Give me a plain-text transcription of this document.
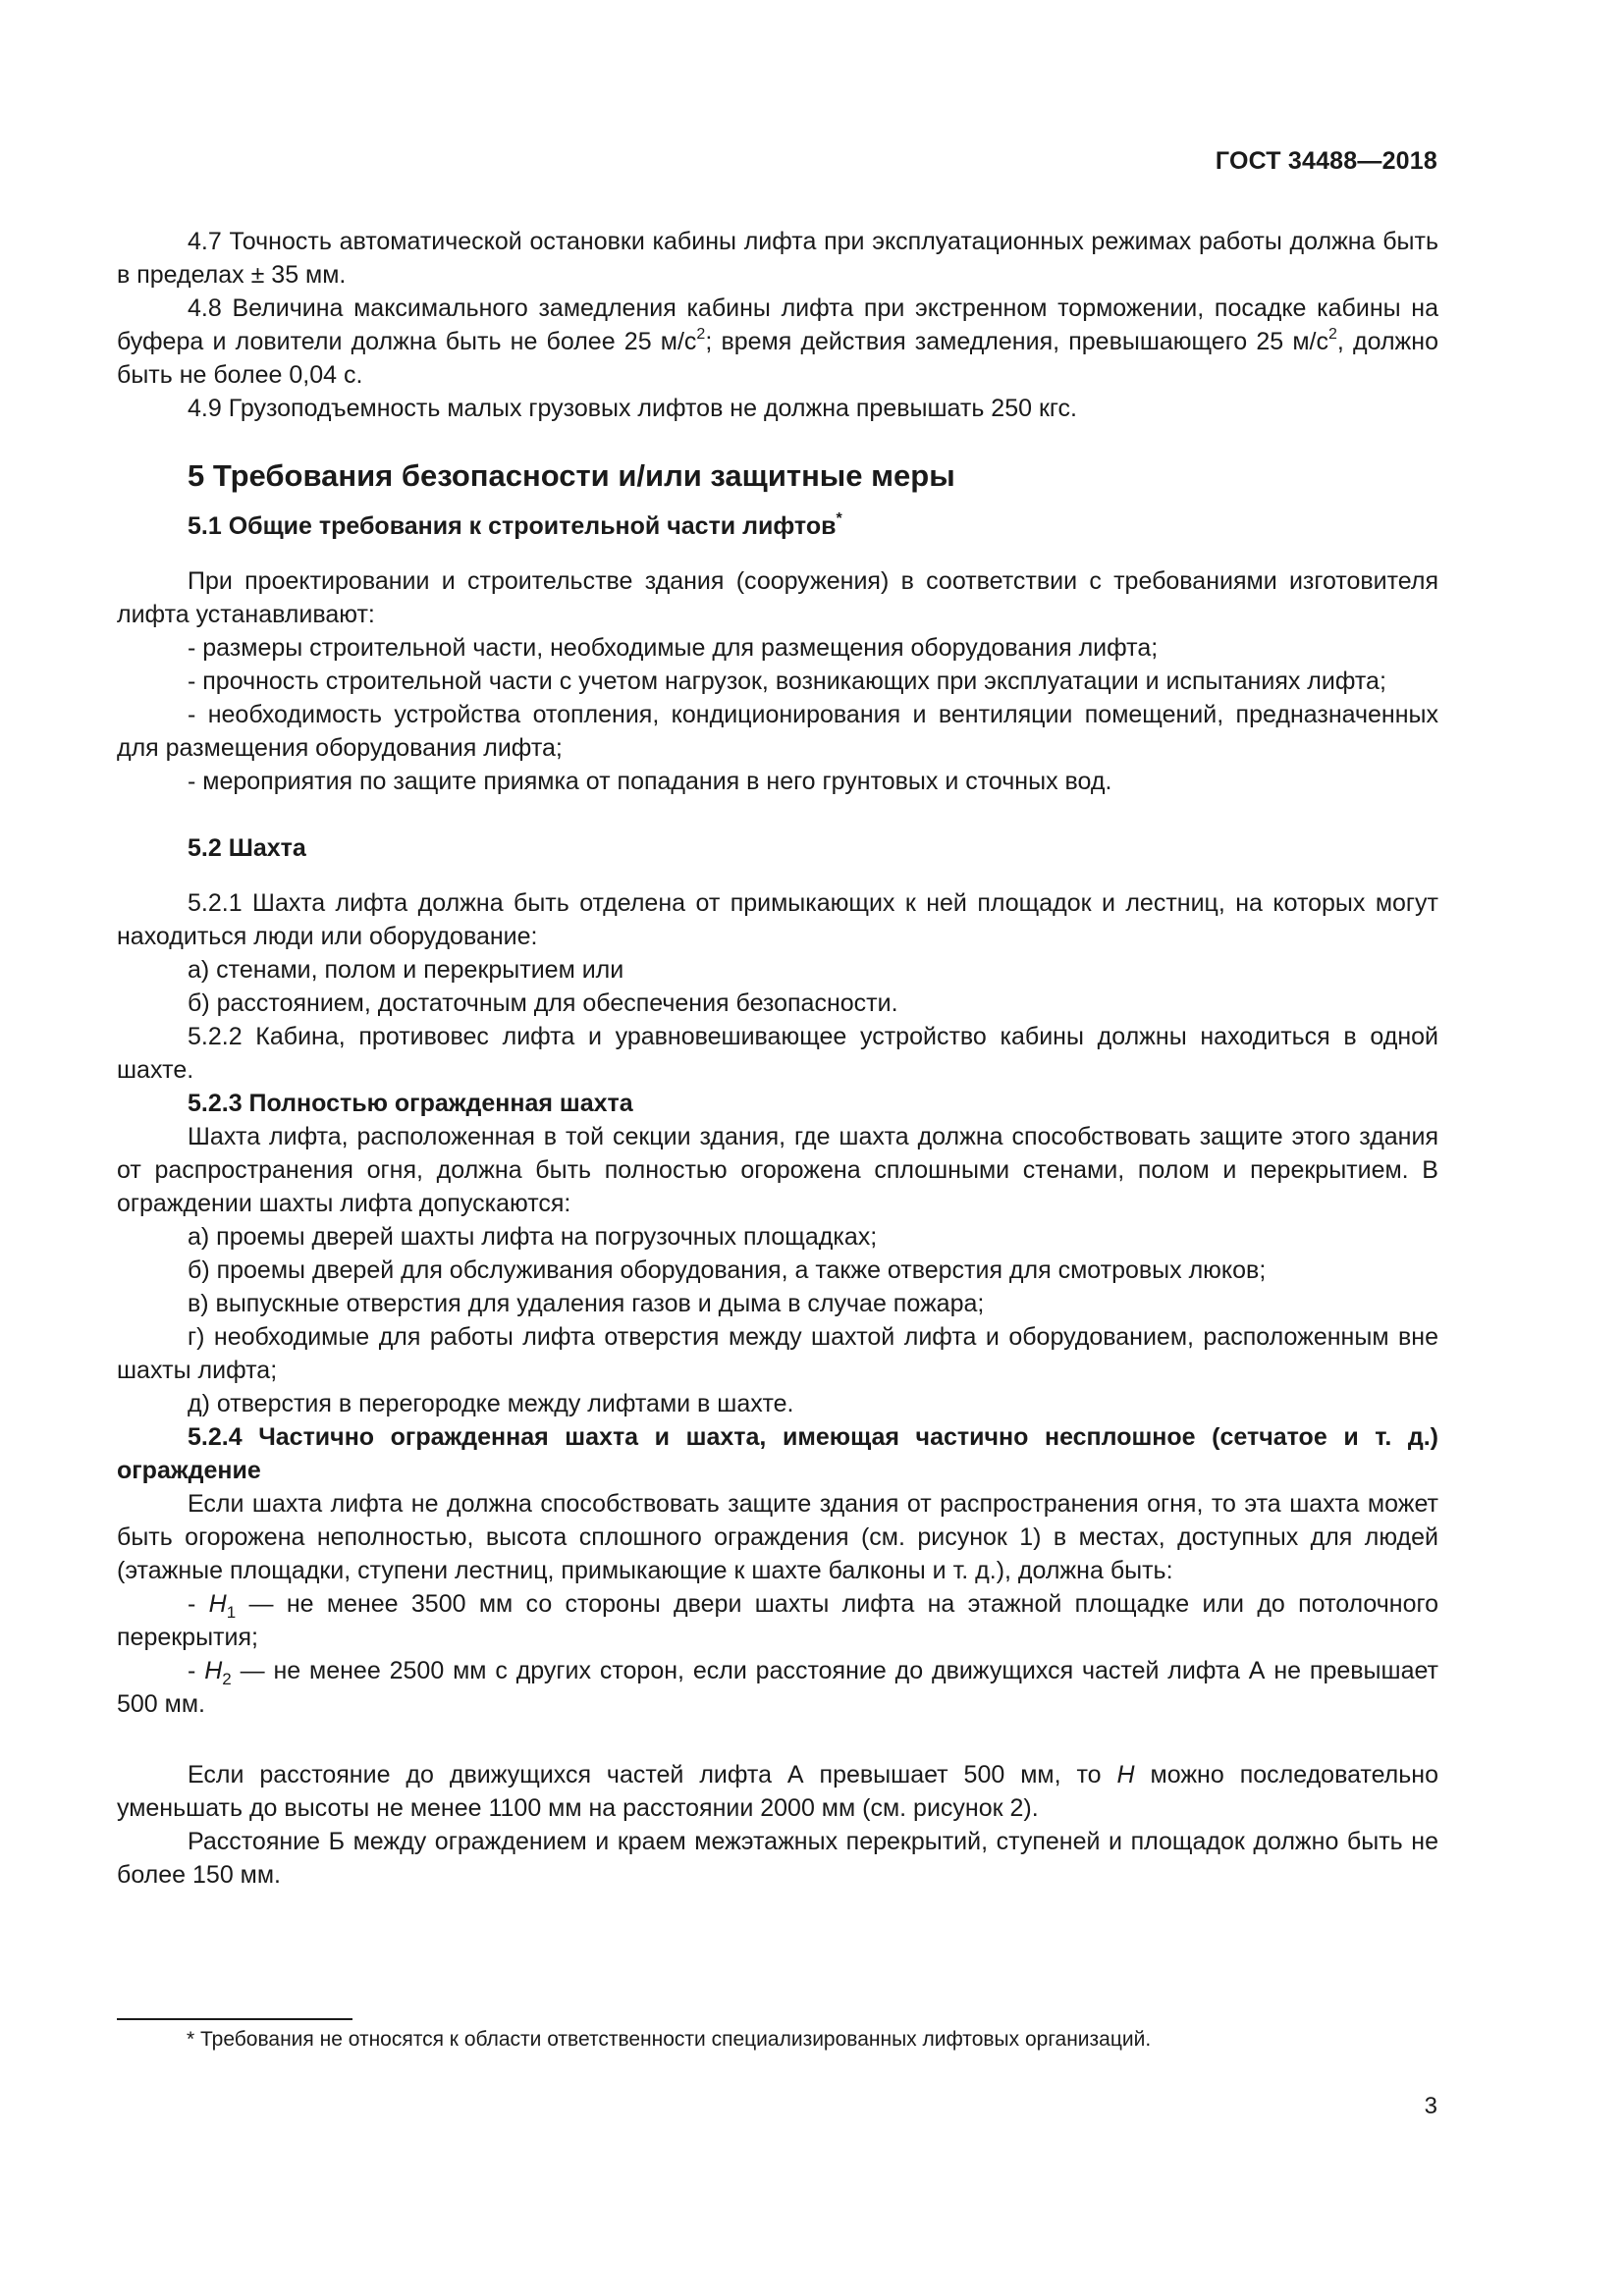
ГОСТ 34488—2018

4.7 Точность автоматической остановки кабины лифта при эксплуатационных режимах работы должна быть в пределах ± 35 мм.

4.8 Величина максимального замедления кабины лифта при экстренном торможении, посадке кабины на буфера и ловители должна быть не более 25 $м/с^2$; время действия замедления, превышающего 25 $м/с^2$, должно быть не более 0,04 с.

4.9 Грузоподъемность малых грузовых лифтов не должна превышать 250 кгс.

5 Требования безопасности и/или защитные меры
5.1 Общие требования к строительной части лифтов*

При проектировании и строительстве здания (сооружения) в соответствии с требованиями изготовителя лифта устанавливают:

- размеры строительной части, необходимые для размещения оборудования лифта;

- прочность строительной части с учетом нагрузок, возникающих при эксплуатации и испытаниях лифта;

- необходимость устройства отопления, кондиционирования и вентиляции помещений, предназначенных для размещения оборудования лифта;

- мероприятия по защите приямка от попадания в него грунтовых и сточных вод.

5.2 Шахта

5.2.1 Шахта лифта должна быть отделена от примыкающих к ней площадок и лестниц, на которых могут находиться люди или оборудование:

а) стенами, полом и перекрытием или

б) расстоянием, достаточным для обеспечения безопасности.

5.2.2 Кабина, противовес лифта и уравновешивающее устройство кабины должны находиться в одной шахте.

5.2.3 Полностью огражденная шахта

Шахта лифта, расположенная в той секции здания, где шахта должна способствовать защите этого здания от распространения огня, должна быть полностью огорожена сплошными стенами, полом и перекрытием. В ограждении шахты лифта допускаются:

а) проемы дверей шахты лифта на погрузочных площадках;

б) проемы дверей для обслуживания оборудования, а также отверстия для смотровых люков;

в) выпускные отверстия для удаления газов и дыма в случае пожара;

г) необходимые для работы лифта отверстия между шахтой лифта и оборудованием, расположенным вне шахты лифта;

д) отверстия в перегородке между лифтами в шахте.

5.2.4 Частично огражденная шахта и шахта, имеющая частично несплошное (сетчатое и т. д.) ограждение

Если шахта лифта не должна способствовать защите здания от распространения огня, то эта шахта может быть огорожена неполностью, высота сплошного ограждения (см. рисунок 1) в местах, доступных для людей (этажные площадки, ступени лестниц, примыкающие к шахте балконы и т. д.), должна быть:

- $H_1$ — не менее 3500 мм со стороны двери шахты лифта на этажной площадке или до потолочного перекрытия;

- $H_2$ — не менее 2500 мм с других сторон, если расстояние до движущихся частей лифта А не превышает 500 мм.

Если расстояние до движущихся частей лифта А превышает 500 мм, то H можно последовательно уменьшать до высоты не менее 1100 мм на расстоянии 2000 мм (см. рисунок 2).

Расстояние Б между ограждением и краем межэтажных перекрытий, ступеней и площадок должно быть не более 150 мм.

* Требования не относятся к области ответственности специализированных лифтовых организаций.
3
